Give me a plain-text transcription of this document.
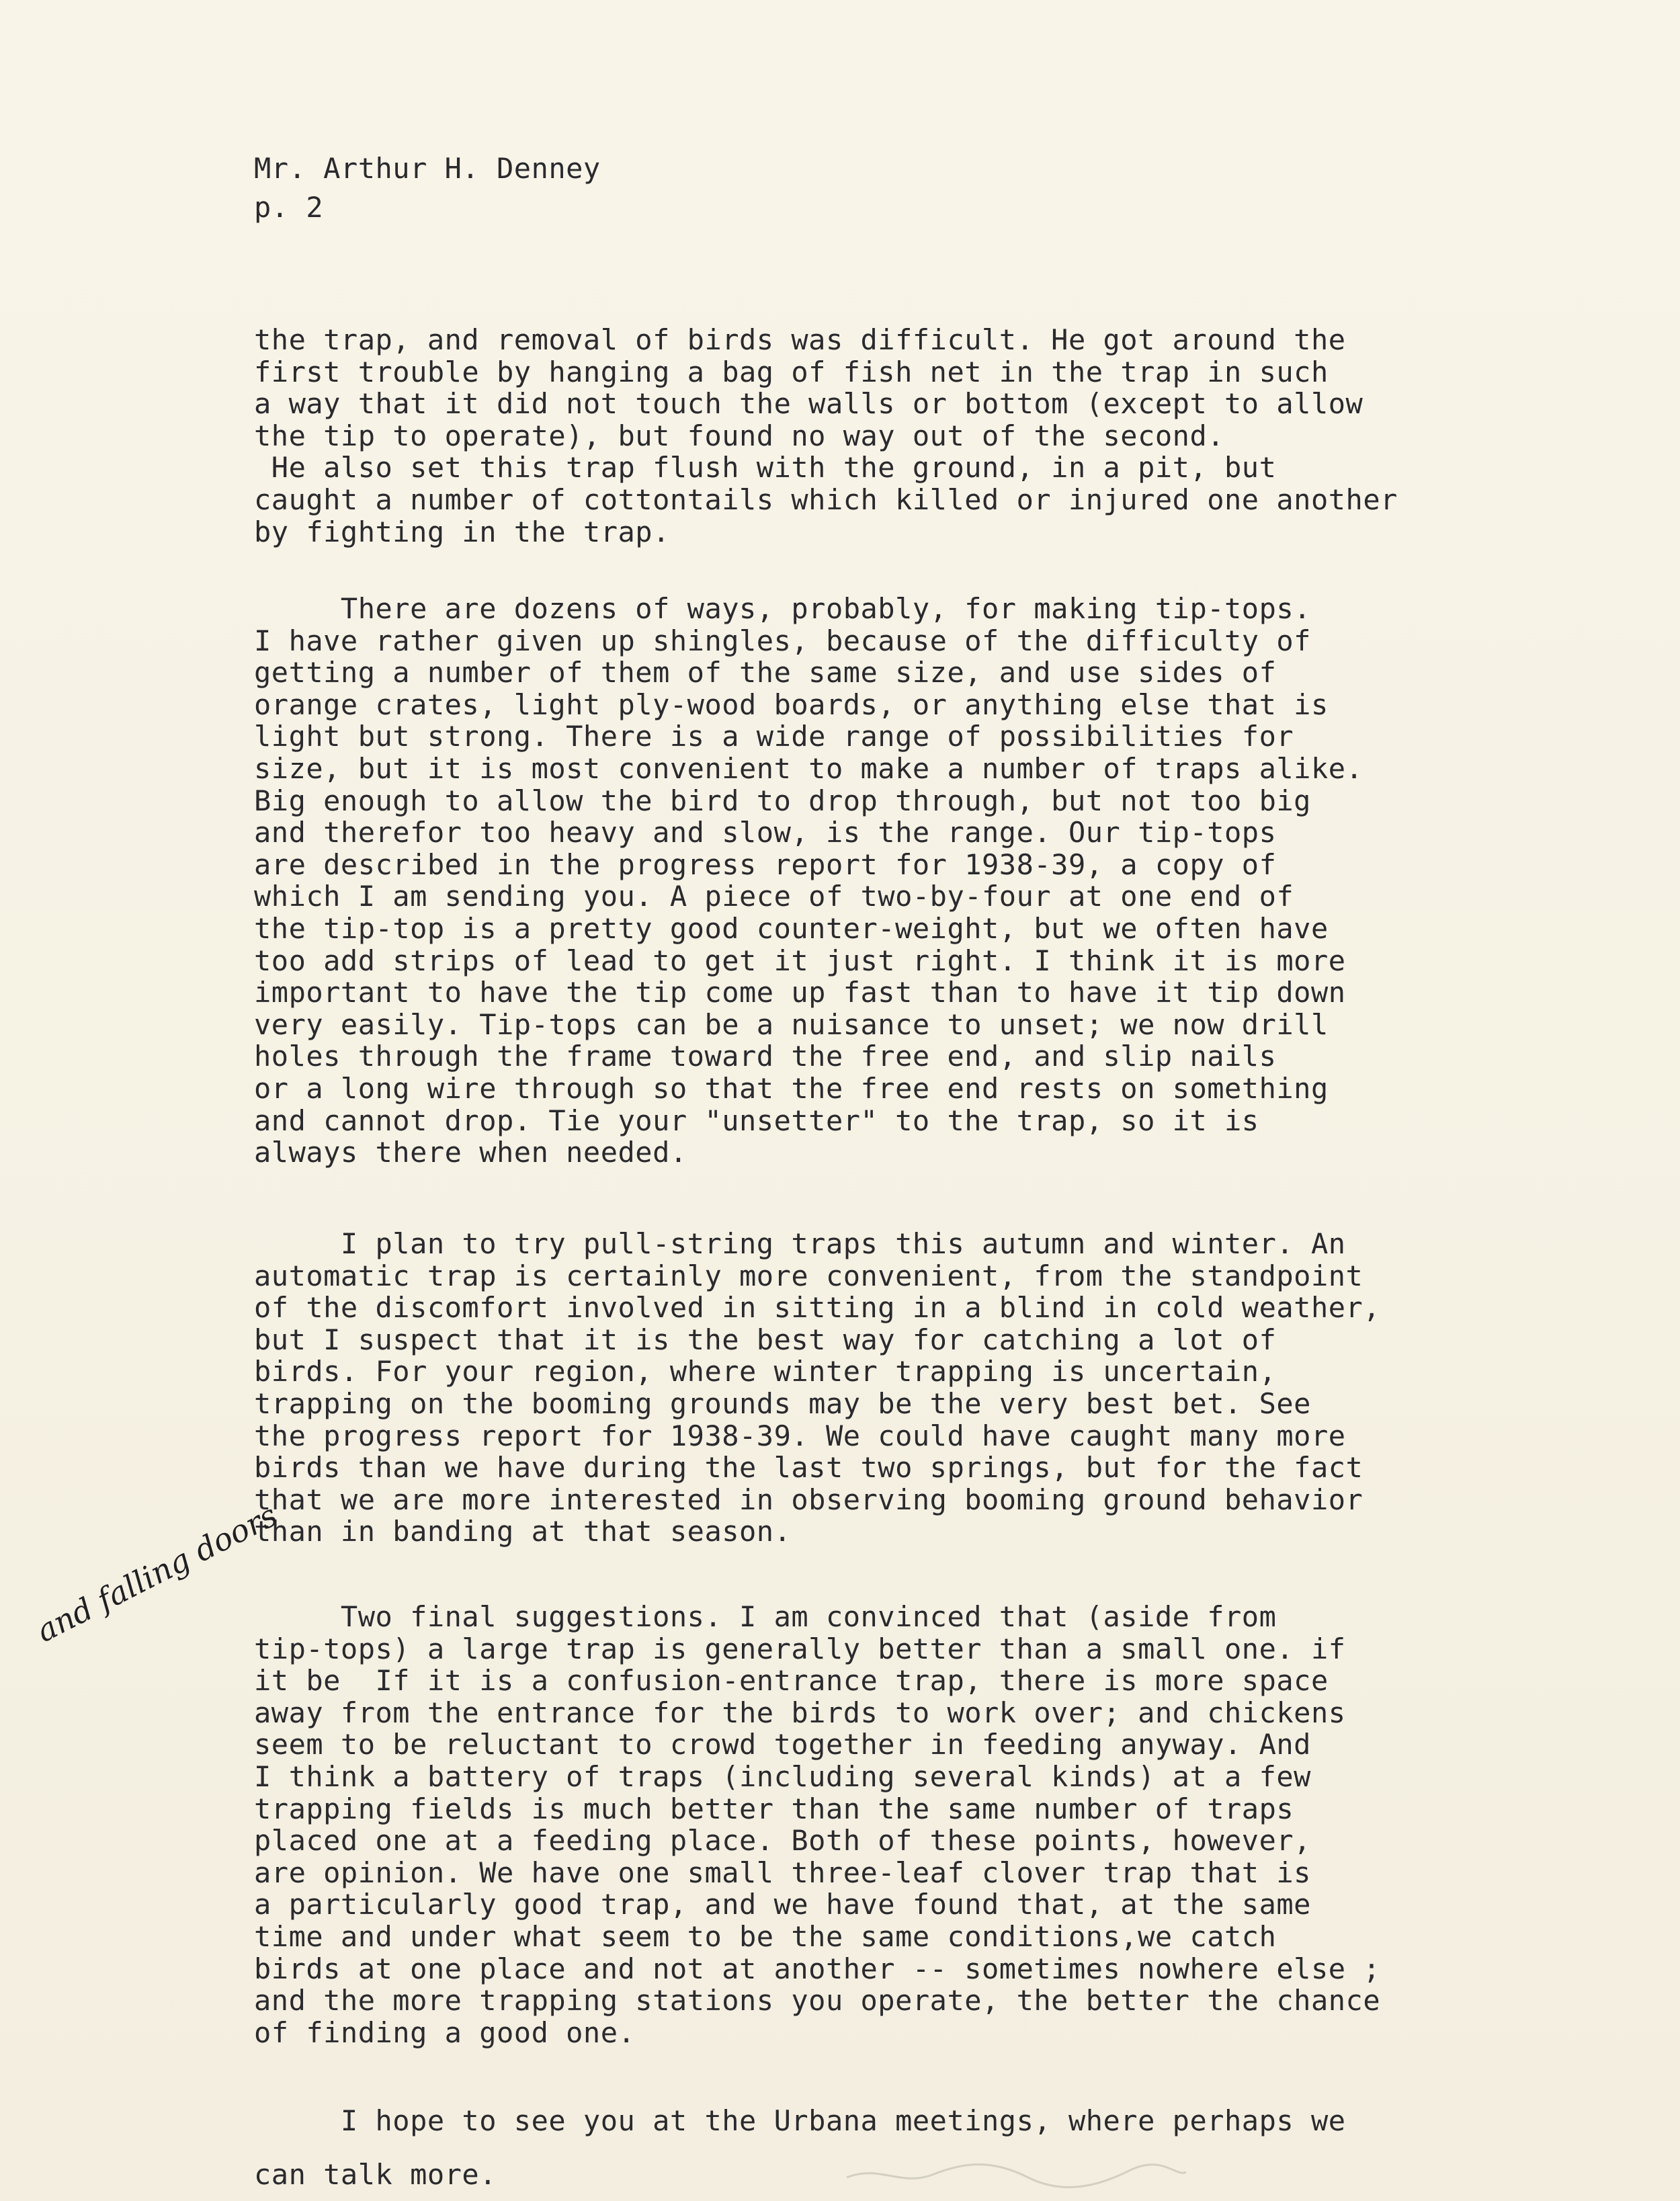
Mr. Arthur H. Denney
p. 2
the trap, and removal of birds was difficult. He got around the
first trouble by hanging a bag of fish net in the trap in such
a way that it did not touch the walls or bottom (except to allow
the tip to operate), but found no way out of the second.
He also set this trap flush with the ground, in a pit, but
caught a number of cottontails which killed or injured one another
by fighting in the trap.
There are dozens of ways, probably, for making tip-tops.
I have rather given up shingles, because of the difficulty of
getting a number of them of the same size, and use sides of
orange crates, light ply-wood boards, or anything else that is
light but strong. There is a wide range of possibilities for
size, but it is most convenient to make a number of traps alike.
Big enough to allow the bird to drop through, but not too big
and therefor too heavy and slow, is the range. Our tip-tops
are described in the progress report for 1938-39, a copy of
which I am sending you. A piece of two-by-four at one end of
the tip-top is a pretty good counter-weight, but we often have
too add strips of lead to get it just right. I think it is more
important to have the tip come up fast than to have it tip down
very easily. Tip-tops can be a nuisance to unset; we now drill
holes through the frame toward the free end, and slip nails
or a long wire through so that the free end rests on something
and cannot drop. Tie your "unsetter" to the trap, so it is
always there when needed.
I plan to try pull-string traps this autumn and winter. An
automatic trap is certainly more convenient, from the standpoint
of the discomfort involved in sitting in a blind in cold weather,
but I suspect that it is the best way for catching a lot of
birds. For your region, where winter trapping is uncertain,
trapping on the booming grounds may be the very best bet. See
the progress report for 1938-39. We could have caught many more
birds than we have during the last two springs, but for the fact
that we are more interested in observing booming ground behavior
than in banding at that season.
Two final suggestions. I am convinced that (aside from
tip-tops) a large trap is generally better than a small one. if
it be  If it is a confusion-entrance trap, there is more space
away from the entrance for the birds to work over; and chickens
seem to be reluctant to crowd together in feeding anyway. And
I think a battery of traps (including several kinds) at a few
trapping fields is much better than the same number of traps
placed one at a feeding place. Both of these points, however,
are opinion. We have one small three-leaf clover trap that is
a particularly good trap, and we have found that, at the same
time and under what seem to be the same conditions,we catch
birds at one place and not at another -- sometimes nowhere else ;
and the more trapping stations you operate, the better the chance
of finding a good one.
I hope to see you at the Urbana meetings, where perhaps we
can talk more.
and falling doors
